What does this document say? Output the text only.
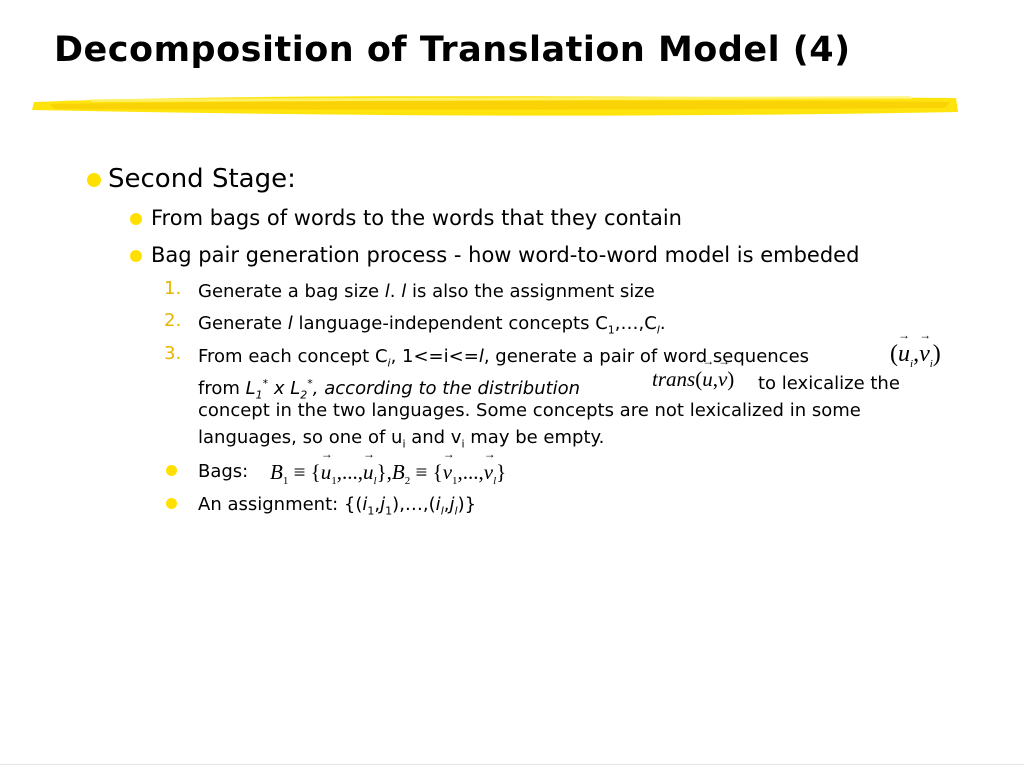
Decomposition of Translation Model (4)
Second Stage:
From bags of words to the words that they contain
Bag pair generation process - how word-to-word model is embeded
1. Generate a bag size l. l is also the assignment size
2. Generate l language-independent concepts $C_1,\dots,C_l$.
3. From each concept $C_i$, 1<=i<=l, generate a pair of word sequences
from $L_1^*$ x $L_2^*$, according to the distribution	to lexicalize the
concept in the two languages. Some concepts are not lexicalized in some
languages, so one of $u_i$ and $v_i$ may be empty.
(→ $u_i,\to v_i$)
trans(→ u,→ v)
Bags: $B_1$ ≡ {→ $u_1,...,\to u_l\},B_2$ ≡ {→ $v_1,...,\to v_l$}
An assignment: $\{(i_1,j_1),\dots,(i_l,j_l)\}$
